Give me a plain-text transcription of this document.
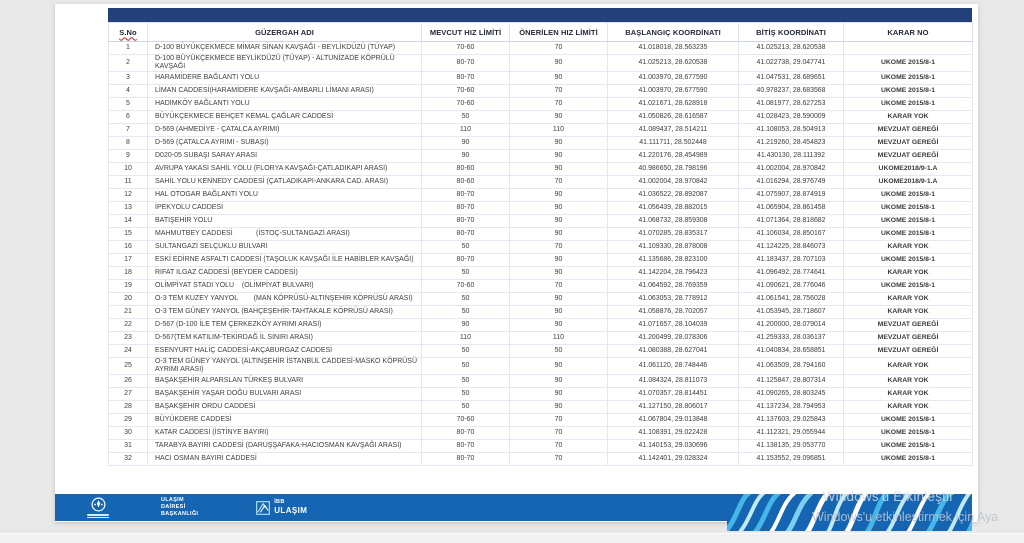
S.No	GÜZERGAH ADI	MEVCUT HIZ LİMİTİ	ÖNERİLEN HIZ LİMİTİ	BAŞLANGIÇ KOORDİNATI	BİTİŞ KOORDİNATI	KARAR NO
1	D-100 BÜYÜKÇEKMECE MİMAR SİNAN KAVŞAĞI - BEYLİKDÜZÜ (TÜYAP)	70-60	70	41.018018, 28.563235	41.025213, 28.620538	
2	D-100 BÜYÜKÇEKMECE BEYLİKDÜZÜ (TÜYAP) - ALTUNİZADE KÖPRÜLÜ KAVŞAĞI	80-70	90	41.025213, 28.620538	41.022738, 29.047741	UKOME 2015/8-1
3	HARAMİDERE BAĞLANTI YOLU	80-70	90	41.003970, 28.677590	41.047531, 28.689651	UKOME 2015/8-1
4	LİMAN CADDESİ(HARAMİDERE KAVŞAĞI-AMBARLI LİMANI ARASI)	70-60	70	41.003970, 28.677590	40.978237, 28.683568	UKOME 2015/8-1
5	HADIMKÖY BAĞLANTI YOLU	70-60	70	41.021671, 28.628918	41.081977, 28.627253	UKOME 2015/8-1
6	BÜYÜKÇEKMECE BEHÇET KEMAL ÇAĞLAR CADDESİ	50	90	41.050826, 28.616587	41.028423, 28.590009	KARAR YOK
7	D-569 (AHMEDİYE - ÇATALCA AYRIMI)	110	110	41.089437, 28.514211	41.108053, 28.504913	MEVZUAT GEREĞİ
8	D-569 (ÇATALCA AYRIMI - SUBAŞI)	90	90	41.111711, 28.502448	41.219260, 28.454823	MEVZUAT GEREĞİ
9	D020-05 SUBAŞI SARAY ARASI	90	90	41.220176, 28.454989	41.430130, 28.111392	MEVZUAT GEREĞİ
10	AVRUPA YAKASI SAHİL YOLU (FLORYA KAVŞAĞI-ÇATLADIKAPI ARASI)	80-60	90	40.986650, 28.798196	41.002004, 28.970842	UKOME2018/9-1.A
11	SAHİL YOLU KENNEDY CADDESİ (ÇATLADIKAPI-ANKARA CAD. ARASI)	80-60	70	41.002004, 28.970842	41.016294, 28.976749	UKOME2018/9-1.A
12	HAL OTOGAR BAĞLANTI YOLU	80-70	90	41.036522, 28.892087	41.075907, 28.874919	UKOME 2015/8-1
13	İPEKYOLU CADDESİ	80-70	90	41.056439, 28.882015	41.065904, 28.861458	UKOME 2015/8-1
14	BATIŞEHİR YOLU	80-70	90	41.068732, 28.859308	41.071364, 28.818682	UKOME 2015/8-1
15	MAHMUTBEY CADDESİ            (İSTOÇ-SULTANGAZİ ARASI)	80-70	90	41.070285, 28.835317	41.106034, 28.850167	UKOME 2015/8-1
16	SULTANGAZİ SELÇUKLU BULVARI	50	70	41.109330, 28.878008	41.124225, 28.846073	KARAR YOK
17	ESKİ EDİRNE ASFALTI CADDESİ (TAŞOLUK KAVŞAĞI İLE HABİBLER KAVŞAĞI)	80-70	90	41.135686, 28.823100	41.183437, 28.707103	UKOME 2015/8-1
18	RIFAT ILGAZ CADDESİ (BEYDER CADDESİ)	50	90	41.142204, 28.796423	41.096492, 28.774641	KARAR YOK
19	OLİMPİYAT STADI YOLU    (OLİMPİYAT BULVARI)	70-60	70	41.064592, 28.769359	41.090621, 28.776046	UKOME 2015/8-1
20	O-3 TEM KUZEY YANYOL        (MAN KÖPRÜSÜ-ALTINŞEHİR KÖPRÜSÜ ARASI)	50	90	41.063053, 28.778912	41.061541, 28.756028	KARAR YOK
21	O-3 TEM GÜNEY YANYOL (BAHÇEŞEHİR-TAHTAKALE KÖPRÜSÜ ARASI)	50	90	41.058876, 28.702057	41.053945, 28.718607	KARAR YOK
22	D-567 (D-100 İLE TEM ÇERKEZKÖY AYRIMI ARASI)	90	90	41.071657, 28.104039	41.200000, 28.079014	MEVZUAT GEREĞİ
23	D-567(TEM KATILIM-TEKİRDAĞ İL SINIRI ARASI)	110	110	41.200499, 28.078306	41.259333, 28.036137	MEVZUAT GEREĞİ
24	ESENYURT HALİÇ CADDESİ-AKÇABURGAZ CADDESİ	50	50	41.080388, 28.627041	41.040834, 28.658851	MEVZUAT GEREĞİ
25	O-3 TEM GÜNEY YANYOL (ALTINŞEHİR İSTANBUL CADDESİ-MASKO KÖPRÜSÜ AYRIMI ARASI)	50	90	41.061120, 28.748446	41.063509, 28.794160	KARAR YOK
26	BAŞAKŞEHİR ALPARSLAN TÜRKEŞ BULVARI	50	90	41.084324, 28.811073	41.125847, 28.807314	KARAR YOK
27	BAŞAKŞEHİR YAŞAR DOĞU BULVARI ARASI	50	90	41.070357, 28.814451	41.090265, 28.803245	KARAR YOK
28	BAŞAKŞEHİR ORDU CADDESİ	50	90	41.127150, 28.806017	41.137234, 28.794953	KARAR YOK
29	BÜYÜKDERE CADDESİ	70-60	70	41.067804, 29.013848	41.137603, 29.025843	UKOME 2015/8-1
30	KATAR CADDESİ (İSTİNYE BAYIRI)	80-70	70	41.108391, 29.022428	41.112321, 29.055944	UKOME 2015/8-1
31	TARABYA BAYIRI CADDESİ (DARUŞŞAFAKA-HACIOSMAN KAVŞAĞI ARASI)	80-70	70	41.140153, 29.030696	41.138135, 29.053770	UKOME 2015/8-1
32	HACI OSMAN BAYIRI CADDESİ	80-70	70	41.142401, 29.028324	41.153552, 29.096851	UKOME 2015/8-1
ULAŞIM
DAİRESİ
BAŞKANLIĞI
İBB
ULAŞIM
Windows'u Etkinleştir
Windows'u etkinleştirmek için Aya
